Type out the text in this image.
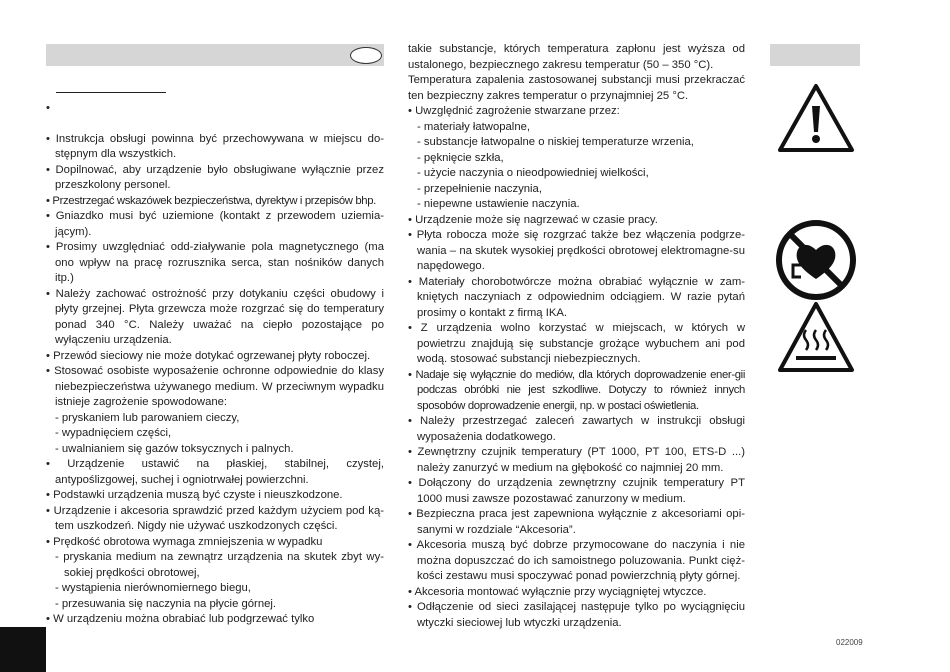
•

• Instrukcja obsługi powinna być przechowywana w miejscu do-stępnym dla wszystkich.

• Dopilnować, aby urządzenie było obsługiwane wyłącznie przez przeszkolony personel.

• Przestrzegać wskazówek bezpieczeństwa, dyrektyw i przepisów bhp.

• Gniazdko musi być uziemione (kontakt z przewodem uziemia-jącym).

• Prosimy uwzględniać odd-ziaływanie pola magnetycznego (ma ono wpływ na pracę rozrusznika serca, stan nośników danych itp.)

• Należy zachować ostrożność przy dotykaniu części obudowy i płyty grzejnej. Płyta grzewcza może rozgrzać się do temperatury ponad 340 °C. Należy uważać na ciepło pozostające po wyłączeniu urządzenia.

• Przewód sieciowy nie może dotykać ogrzewanej płyty roboczej.

• Stosować osobiste wyposażenie ochronne odpowiednie do klasy niebezpieczeństwa używanego medium. W przeciwnym wypadku istnieje zagrożenie spowodowane:

- pryskaniem lub parowaniem cieczy,

- wypadnięciem części,

- uwalnianiem się gazów toksycznych i palnych.

• Urządzenie ustawić na płaskiej, stabilnej, czystej, antypoślizgowej, suchej i ogniotrwałej powierzchni.

• Podstawki urządzenia muszą być czyste i nieuszkodzone.

• Urządzenie i akcesoria sprawdzić przed każdym użyciem pod ką-tem uszkodzeń. Nigdy nie używać uszkodzonych części.

• Prędkość obrotowa wymaga zmniejszenia w wypadku

- pryskania medium na zewnątrz urządzenia na skutek zbyt wy-sokiej prędkości obrotowej,

- wystąpienia nierównomiernego biegu,

- przesuwania się naczynia na płycie górnej.

• W urządzeniu można obrabiać lub podgrzewać tylko

takie substancje, których temperatura zapłonu jest wyższa od ustalonego, bezpiecznego zakresu temperatur (50 – 350 °C).

Temperatura zapalenia zastosowanej substancji musi przekraczać ten bezpieczny zakres temperatur o przynajmniej 25 °C.

• Uwzględnić zagrożenie stwarzane przez:

- materiały łatwopalne,

- substancje łatwopalne o niskiej temperaturze wrzenia,

- pęknięcie szkła,

- użycie naczynia o nieodpowiedniej wielkości,

- przepełnienie naczynia,

- niepewne ustawienie naczynia.

• Urządzenie może się nagrzewać w czasie pracy.

• Płyta robocza może się rozgrzać także bez włączenia podgrze-wania – na skutek wysokiej prędkości obrotowej elektromagne-su napędowego.

• Materiały chorobotwórcze można obrabiać wyłącznie w zam-kniętych naczyniach z odpowiednim odciągiem. W razie pytań prosimy o kontakt z firmą IKA.

• Z urządzenia wolno korzystać w miejscach, w których w powietrzu znajdują się substancje grożące wybuchem ani pod wodą. stosować substancji niebezpiecznych.

• Nadaje się wyłącznie do mediów, dla których doprowadzenie ener-gii podczas obróbki nie jest szkodliwe. Dotyczy to również innych sposobów doprowadzenie energii, np. w postaci oświetlenia.

• Należy przestrzegać zaleceń zawartych w instrukcji obsługi wyposażenia dodatkowego.

• Zewnętrzny czujnik temperatury (PT 1000, PT 100, ETS-D ...) należy zanurzyć w medium na głębokość co najmniej 20 mm.

• Dołączony do urządzenia zewnętrzny czujnik temperatury PT 1000 musi zawsze pozostawać zanurzony w medium.

• Bezpieczna praca jest zapewniona wyłącznie z akcesoriami opi-sanymi w rozdziale “Akcesoria”.

• Akcesoria muszą być dobrze przymocowane do naczynia i nie można dopuszczać do ich samoistnego poluzowania. Punkt cięż-kości zestawu musi spoczywać ponad powierzchnią płyty górnej.

• Akcesoria montować wyłącznie przy wyciągniętej wtyczce.

• Odłączenie od sieci zasilającej następuje tylko po wyciągnięciu wtyczki sieciowej lub wtyczki urządzenia.

022009
